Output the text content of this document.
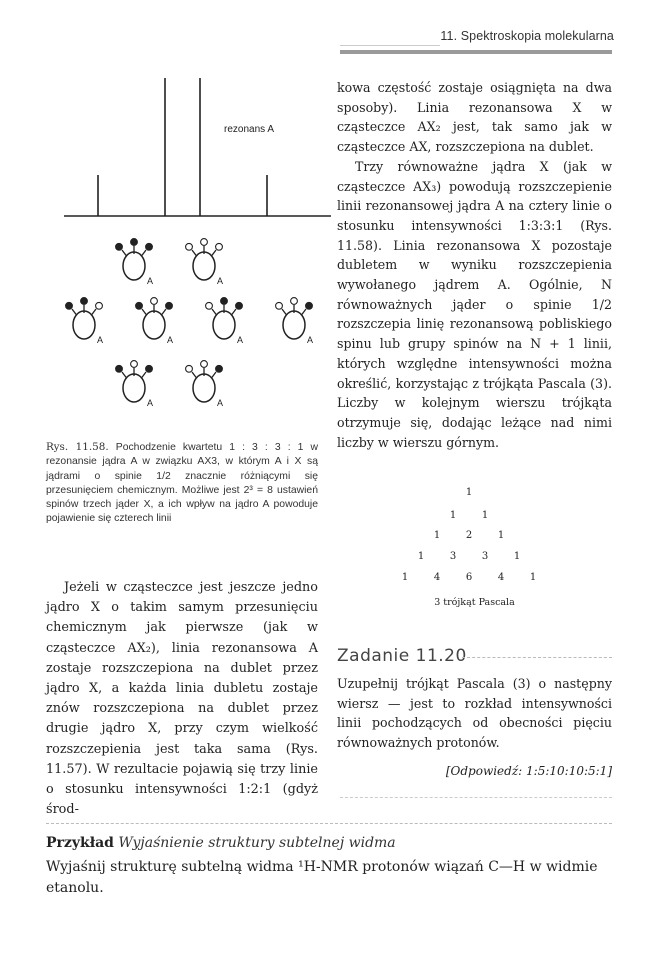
11. Spektroskopia molekularna
rezonans A
A	A
A	A	A	A
A	A
Rys. 11.58. Pochodzenie kwartetu 1 : 3 : 3 : 1 w rezonansie jądra A w związku AX3, w którym A i X są jądrami o spinie 1/2 znacznie różniącymi się przesunięciem chemicznym. Możliwe jest 2³ = 8 ustawień spinów trzech jąder X, a ich wpływ na jądro A powoduje pojawienie się czterech linii

kowa częstość zostaje osiągnięta na dwa sposoby). Linia rezonansowa X w cząsteczce AX₂ jest, tak samo jak w cząsteczce AX, rozszczepiona na dublet.

Trzy równoważne jądra X (jak w cząsteczce AX₃) powodują rozszczepienie linii rezonansowej jądra A na cztery linie o stosunku intensywności 1:3:3:1 (Rys. 11.58). Linia rezonansowa X pozostaje dubletem w wyniku rozszczepienia wywołanego jądrem A. Ogólnie, N równoważnych jąder o spinie 1/2 rozszczepia linię rezonansową pobliskiego spinu lub grupy spinów na N + 1 linii, których względne intensywności można określić, korzystając z trójkąta Pascala (3). Liczby w kolejnym wierszu trójkąta otrzymuje się, dodając leżące nad nimi liczby w wierszu górnym.

1
1	1
1	2	1
1	3	3	1
1	4	6	4	1
3 trójkąt Pascala
Jeżeli w cząsteczce jest jeszcze jedno jądro X o takim samym przesunięciu chemicznym jak pierwsze (jak w cząsteczce AX₂), linia rezonansowa A zostaje rozszczepiona na dublet przez jądro X, a każda linia dubletu zostaje znów rozszczepiona na dublet przez drugie jądro X, przy czym wielkość rozszczepienia jest taka sama (Rys. 11.57). W rezultacie pojawią się trzy linie o stosunku intensywności 1:2:1 (gdyż środ-
Zadanie 11.20
Uzupełnij trójkąt Pascala (3) o następny wiersz — jest to rozkład intensywności linii pochodzących od obecności pięciu równoważnych protonów.
[Odpowiedź: 1:5:10:10:5:1]
Przykład Wyjaśnienie struktury subtelnej widma
Wyjaśnij strukturę subtelną widma ¹H-NMR protonów wiązań C—H w widmie etanolu.
